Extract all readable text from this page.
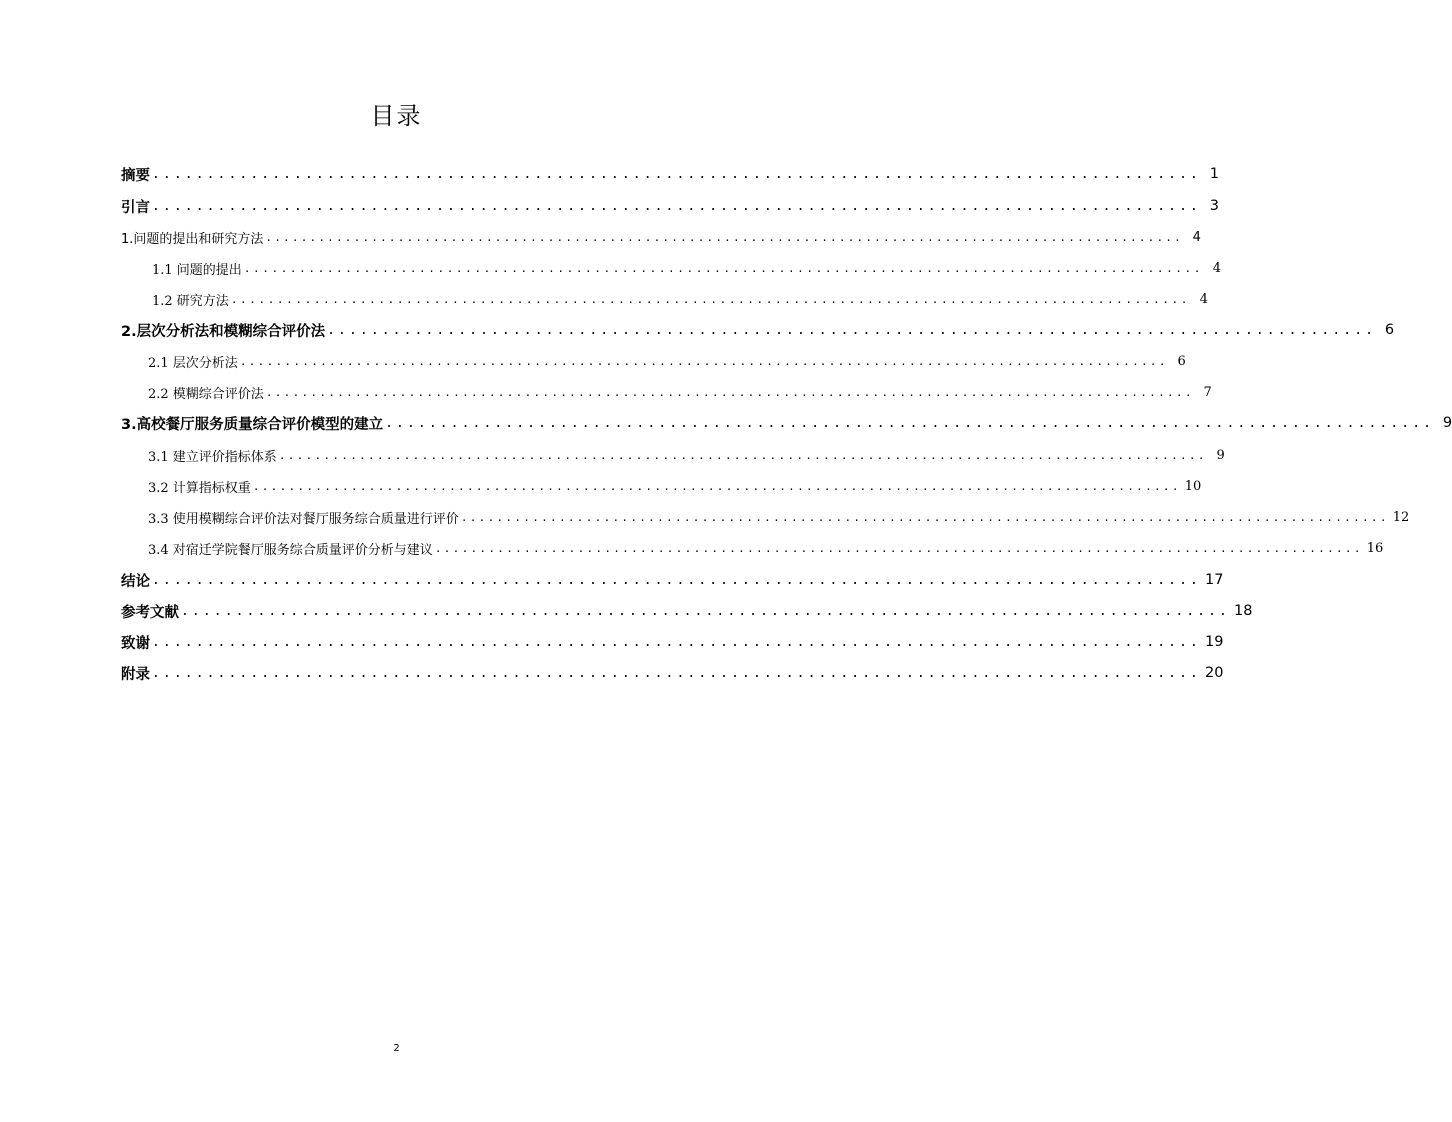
目录
摘要 ................................................................................................ 1
引言 ................................................................................................ 3
1.问题的提出和研究方法 ........................................................................................................ 4
1.1 问题的提出 ........................................................................................................ 4
1.2 研究方法 ........................................................................................................ 4
2.层次分析法和模糊综合评价法 ................................................................................................ 6
2.1 层次分析法 ........................................................................................................ 6
2.2 模糊综合评价法 ........................................................................................................ 7
3.高校餐厅服务质量综合评价模型的建立 ................................................................................................ 9
3.1 建立评价指标体系 ........................................................................................................ 9
3.2 计算指标权重 ........................................................................................................ 10
3.3 使用模糊综合评价法对餐厅服务综合质量进行评价 ........................................................................................................ 12
3.4 对宿迁学院餐厅服务综合质量评价分析与建议 ........................................................................................................ 16
结论 ................................................................................................ 17
参考文献 ................................................................................................ 18
致谢 ................................................................................................ 19
附录 ................................................................................................ 20
2
